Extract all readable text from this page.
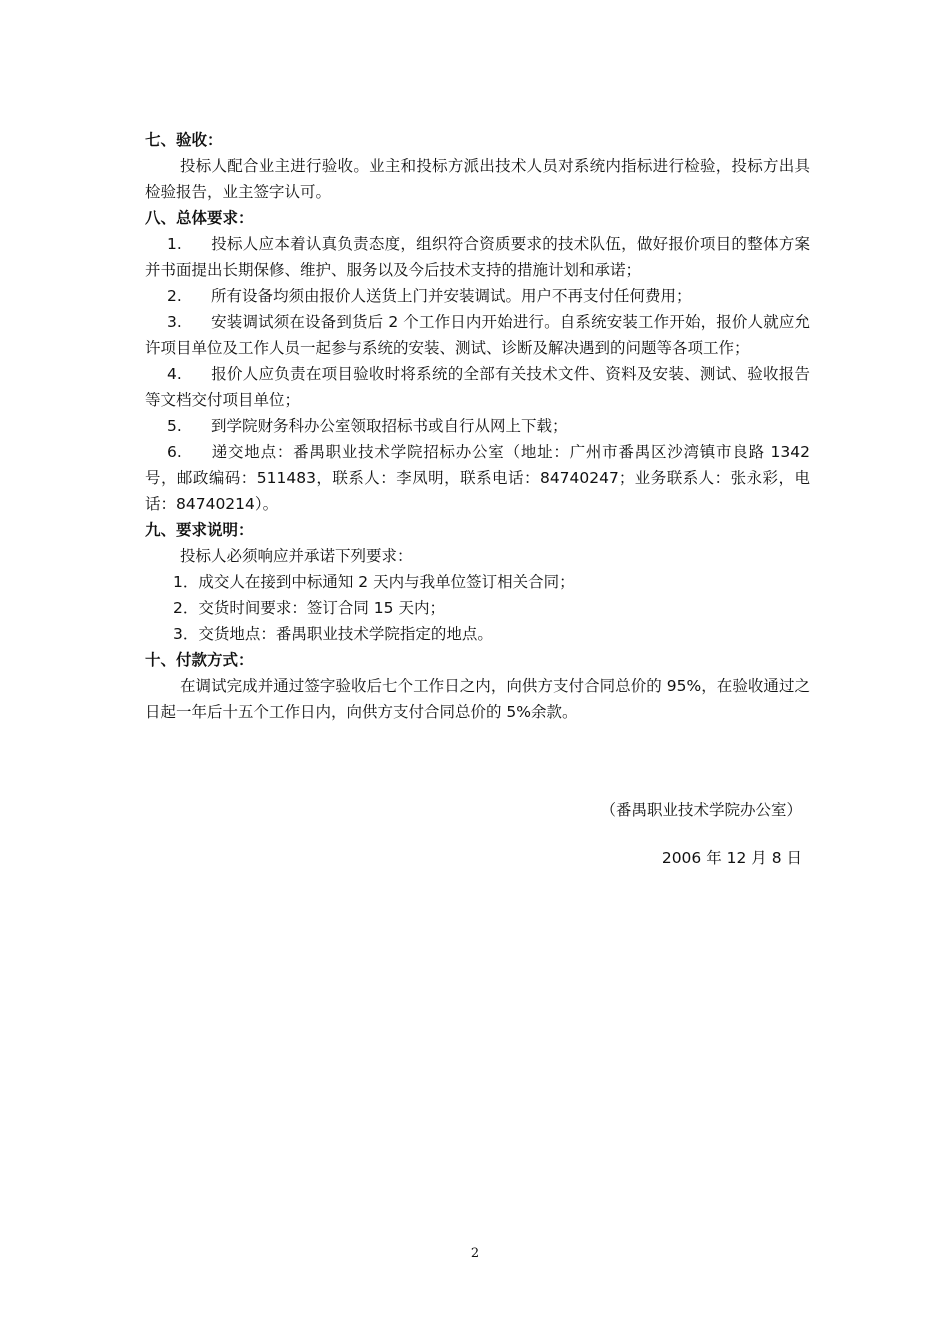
七、验收：

投标人配合业主进行验收。业主和投标方派出技术人员对系统内指标进行检验，投标方出具检验报告，业主签字认可。

八、总体要求：

1. 投标人应本着认真负责态度，组织符合资质要求的技术队伍，做好报价项目的整体方案并书面提出长期保修、维护、服务以及今后技术支持的措施计划和承诺；

2. 所有设备均须由报价人送货上门并安装调试。用户不再支付任何费用；

3. 安装调试须在设备到货后 2 个工作日内开始进行。自系统安装工作开始，报价人就应允许项目单位及工作人员一起参与系统的安装、测试、诊断及解决遇到的问题等各项工作；

4. 报价人应负责在项目验收时将系统的全部有关技术文件、资料及安装、测试、验收报告等文档交付项目单位；

5. 到学院财务科办公室领取招标书或自行从网上下载；

6. 递交地点：番禺职业技术学院招标办公室（地址：广州市番禺区沙湾镇市良路 1342 号，邮政编码：511483，联系人：李凤明，联系电话：84740247；业务联系人：张永彩，电话：84740214）。

九、要求说明：

投标人必须响应并承诺下列要求：

1．成交人在接到中标通知 2 天内与我单位签订相关合同；

2．交货时间要求：签订合同 15 天内；

3．交货地点：番禺职业技术学院指定的地点。

十、付款方式：

在调试完成并通过签字验收后七个工作日之内，向供方支付合同总价的 95%，在验收通过之日起一年后十五个工作日内，向供方支付合同总价的 5%余款。

（番禺职业技术学院办公室）

2006 年 12 月 8 日

2
